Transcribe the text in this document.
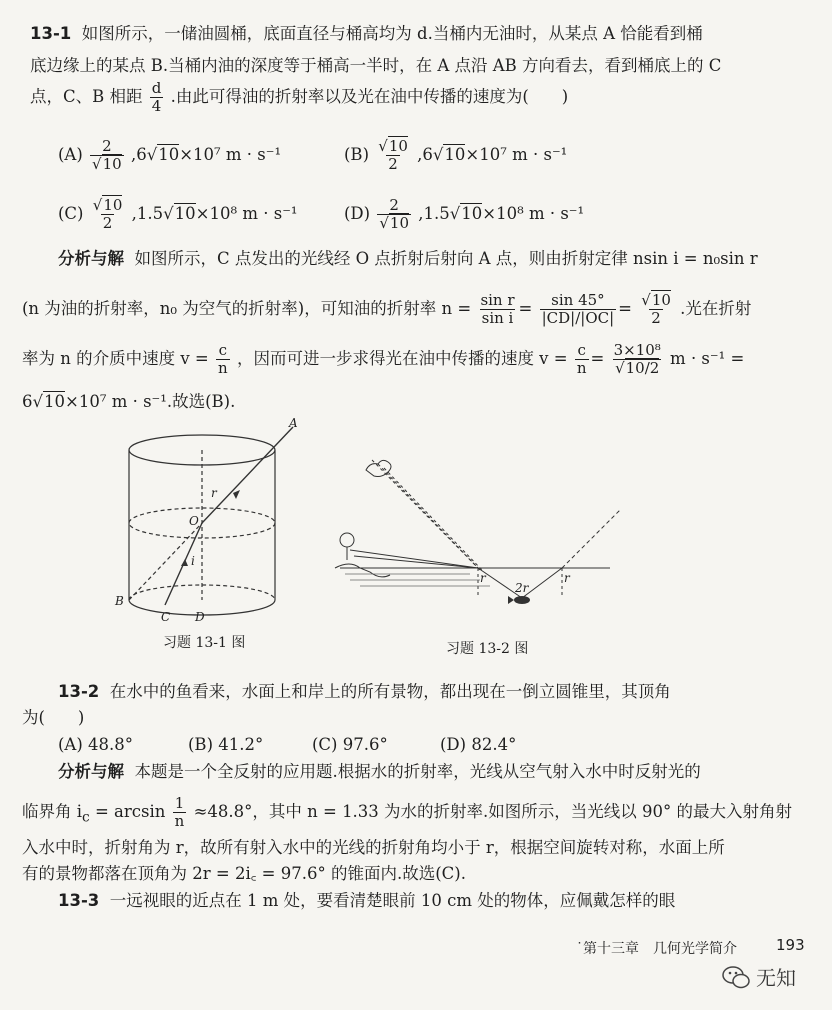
13-1 如图所示，一储油圆桶，底面直径与桶高均为 d.当桶内无油时，从某点 A 恰能看到桶
底边缘上的某点 B.当桶内油的深度等于桶高一半时，在 A 点沿 AB 方向看去，看到桶底上的 C
点，C、B 相距 $\frac{d}{4}$ .由此可得油的折射率以及光在油中传播的速度为(　　)
$(A) \frac{2}{√10} ,6√10\times 10^7$ m · s⁻¹	$(B) \frac{√10}{2} ,6√10\times 10^7$ m · s⁻¹
$(C) \frac{√10}{2} ,1.5√10\times 10^8$ m · s⁻¹	$(D) \frac{2}{√10} ,1.5√10\times 10^8$ m · s⁻¹
分析与解 如图所示，C 点发出的光线经 O 点折射后射向 A 点，则由折射定律 nsin i = n₀sin r
(n 为油的折射率，n₀ 为空气的折射率)，可知油的折射率 $n = \frac{\text{sin r}}{\text{sin i}} = \frac{\sin 45^\circ}{|CD|/|OC|} = \frac{√10}{2}$ .光在折射
率为 n 的介质中速度 $v = \frac{c}{n}$ ，因而可进一步求得光在油中传播的速度 $v = \frac{c}{n} = \frac{\text{3×10⁸}}{√10/2}$ m · s⁻¹ =
6√10×10⁷ m · s⁻¹.故选(B).
A
B
C D
O
r
i
习题 13-1 图
r	r
2r
习题 13-2 图
13-2 在水中的鱼看来，水面上和岸上的所有景物，都出现在一倒立圆锥里，其顶角
为(　　)
(A) 48.8°	(B) 41.2°	(C) 97.6°	(D) 82.4°
分析与解 本题是一个全反射的应用题.根据水的折射率，光线从空气射入水中时反射光的
临界角 $i_c = \arcsin \frac{1}{n} \approx 48.8^\circ$，其中 n = 1.33 为水的折射率.如图所示，当光线以 90° 的最大入射角射
入水中时，折射角为 r，故所有射入水中的光线的折射角均小于 r，根据空间旋转对称，水面上所
有的景物都落在顶角为 2r = 2i꜀ = 97.6° 的锥面内.故选(C).
13-3 一远视眼的近点在 1 m 处，要看清楚眼前 10 cm 处的物体，应佩戴怎样的眼
˙第十三章　几何光学简介	193
无知
